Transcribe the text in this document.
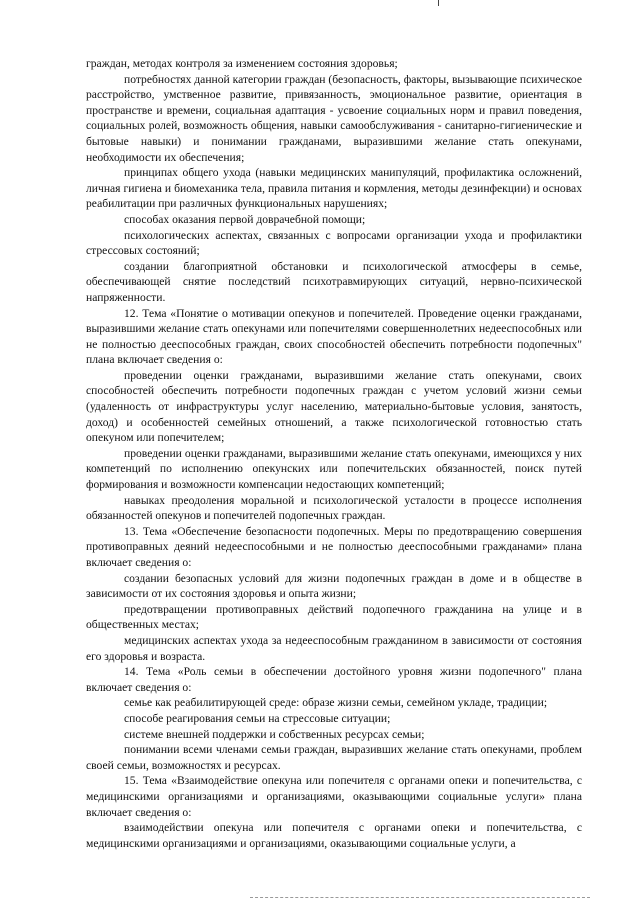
граждан, методах контроля за изменением состояния здоровья;

потребностях данной категории граждан (безопасность, факторы, вызывающие психическое расстройство, умственное развитие, привязанность, эмоциональное развитие, ориентация в пространстве и времени, социальная адаптация - усвоение социальных норм и правил поведения, социальных ролей, возможность общения, навыки самообслуживания - санитарно-гигиенические и бытовые навыки) и понимании гражданами, выразившими желание стать опекунами, необходимости их обеспечения;

принципах общего ухода (навыки медицинских манипуляций, профилактика осложнений, личная гигиена и биомеханика тела, правила питания и кормления, методы дезинфекции) и основах реабилитации при различных функциональных нарушениях;

способах оказания первой доврачебной помощи;

психологических аспектах, связанных с вопросами организации ухода и профилактики стрессовых состояний;

создании благоприятной обстановки и психологической атмосферы в семье, обеспечивающей снятие последствий психотравмирующих ситуаций, нервно-психической напряженности.

12. Тема «Понятие о мотивации опекунов и попечителей. Проведение оценки гражданами, выразившими желание стать опекунами или попечителями совершеннолетних недееспособных или не полностью дееспособных граждан, своих способностей обеспечить потребности подопечных" плана включает сведения о:

проведении оценки гражданами, выразившими желание стать опекунами, своих способностей обеспечить потребности подопечных граждан с учетом условий жизни семьи (удаленность от инфраструктуры услуг населению, материально-бытовые условия, занятость, доход) и особенностей семейных отношений, а также психологической готовностью стать опекуном или попечителем;

проведении оценки гражданами, выразившими желание стать опекунами, имеющихся у них компетенций по исполнению опекунских или попечительских обязанностей, поиск путей формирования и возможности компенсации недостающих компетенций;

навыках преодоления моральной и психологической усталости в процессе исполнения обязанностей опекунов и попечителей подопечных граждан.

13. Тема «Обеспечение безопасности подопечных. Меры по предотвращению совершения противоправных деяний недееспособными и не полностью дееспособными гражданами» плана включает сведения о:

создании безопасных условий для жизни подопечных граждан в доме и в обществе в зависимости от их состояния здоровья и опыта жизни;

предотвращении противоправных действий подопечного гражданина на улице и в общественных местах;

медицинских аспектах ухода за недееспособным гражданином в зависимости от состояния его здоровья и возраста.

14. Тема «Роль семьи в обеспечении достойного уровня жизни подопечного" плана включает сведения о:

семье как реабилитирующей среде: образе жизни семьи, семейном укладе, традиции;

способе реагирования семьи на стрессовые ситуации;

системе внешней поддержки и собственных ресурсах семьи;

понимании всеми членами семьи граждан, выразивших желание стать опекунами, проблем своей семьи, возможностях и ресурсах.

15. Тема «Взаимодействие опекуна или попечителя с органами опеки и попечительства, с медицинскими организациями и организациями, оказывающими социальные услуги» плана включает сведения о:

взаимодействии опекуна или попечителя с органами опеки и попечительства, с медицинскими организациями и организациями, оказывающими социальные услуги, а
